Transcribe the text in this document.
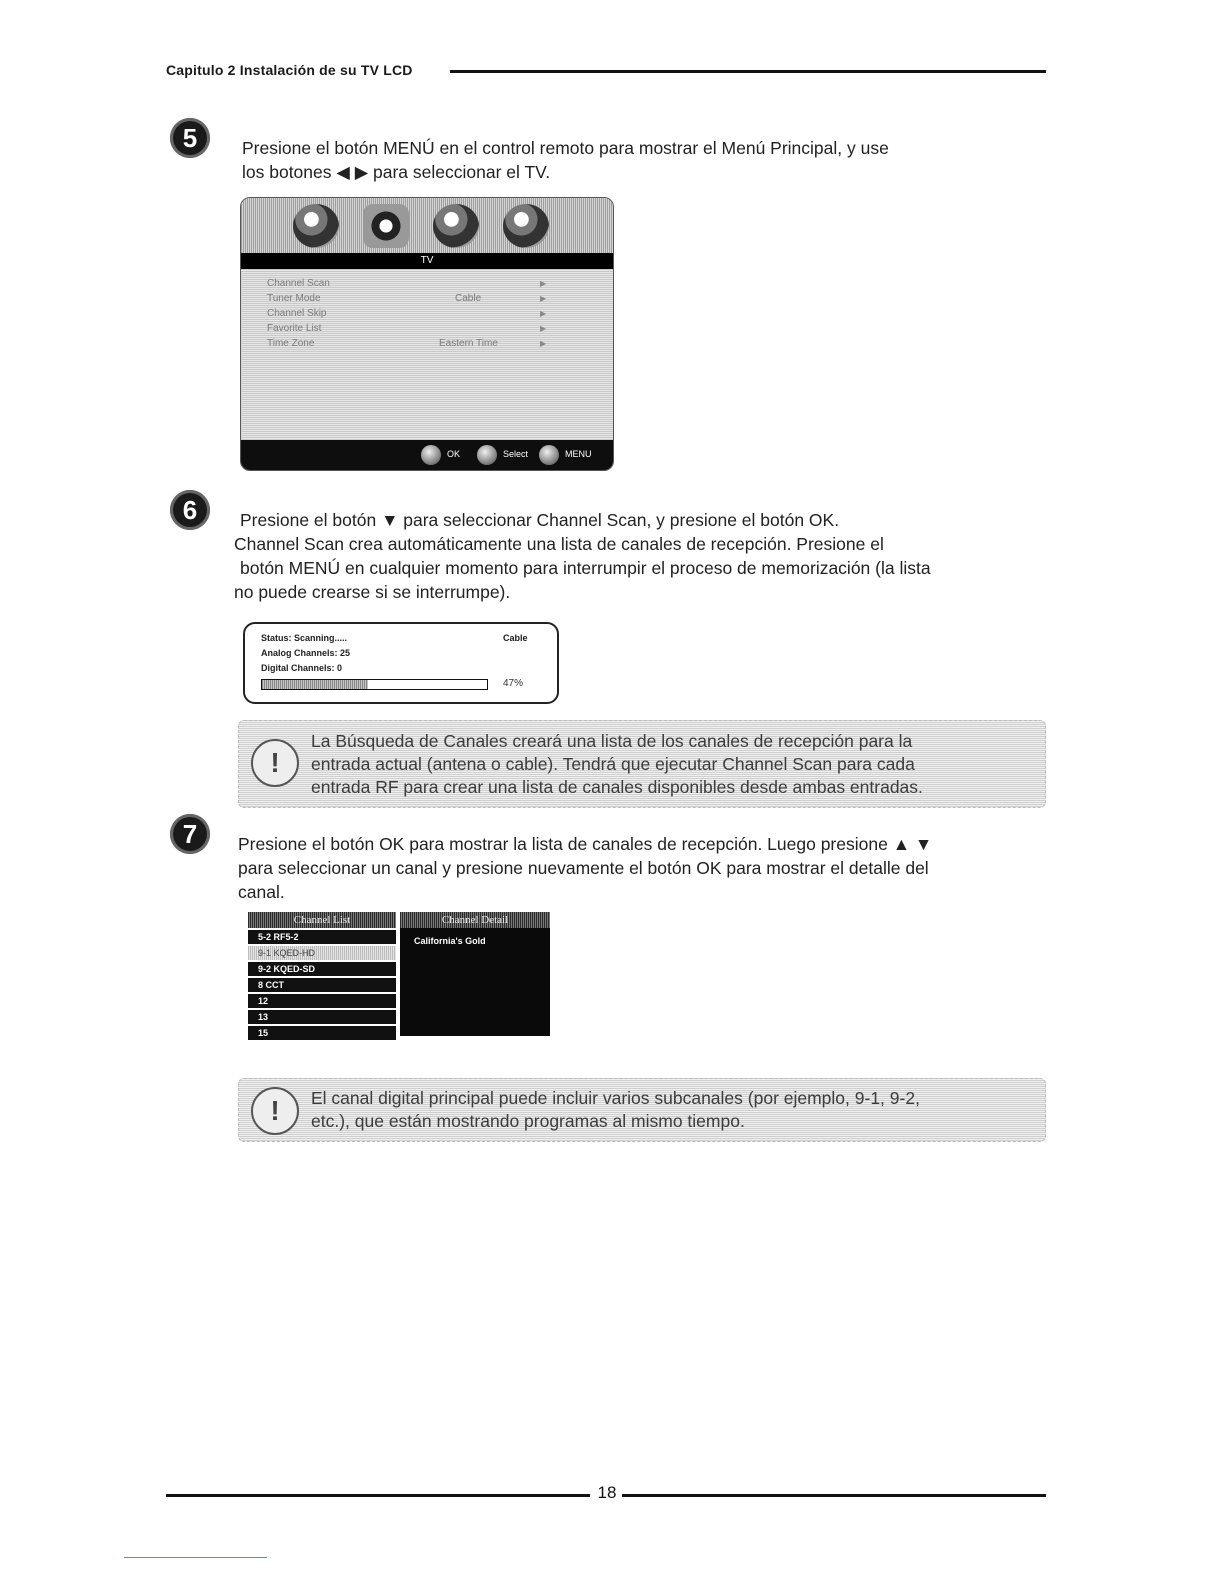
Capitulo 2 Instalación de su TV LCD
5	Presione el botón MENÚ en el control remoto para mostrar el Menú Principal, y use
los botones ◀ ▶ para seleccionar el TV.
TV
Channel Scan	▶
Tuner Mode	Cable	▶
Channel Skip	▶
Favorite List	▶
Time Zone	Eastern Time	▶
OK	Select	MENU
6	Presione el botón ▼ para seleccionar Channel Scan, y presione el botón OK.
Channel Scan crea automáticamente una lista de canales de recepción. Presione el
botón MENÚ en cualquier momento para interrumpir el proceso de memorización (la lista
no puede crearse si se interrumpe).
Status: Scanning.....	Cable
Analog Channels: 25
Digital Channels: 0
47%
!
La Búsqueda de Canales creará una lista de los canales de recepción para la
entrada actual (antena o cable). Tendrá que ejecutar Channel Scan para cada
entrada RF para crear una lista de canales disponibles desde ambas entradas.
7	Presione el botón OK para mostrar la lista de canales de recepción. Luego presione ▲ ▼
para seleccionar un canal y presione nuevamente el botón OK para mostrar el detalle del
canal.
Channel List
5-2 RF5-2
9-1 KQED-HD
9-2 KQED-SD
8 CCT
12
13
15
Channel Detail
California's Gold
!	El canal digital principal puede incluir varios subcanales (por ejemplo, 9-1, 9-2,
etc.), que están mostrando programas al mismo tiempo.
18
